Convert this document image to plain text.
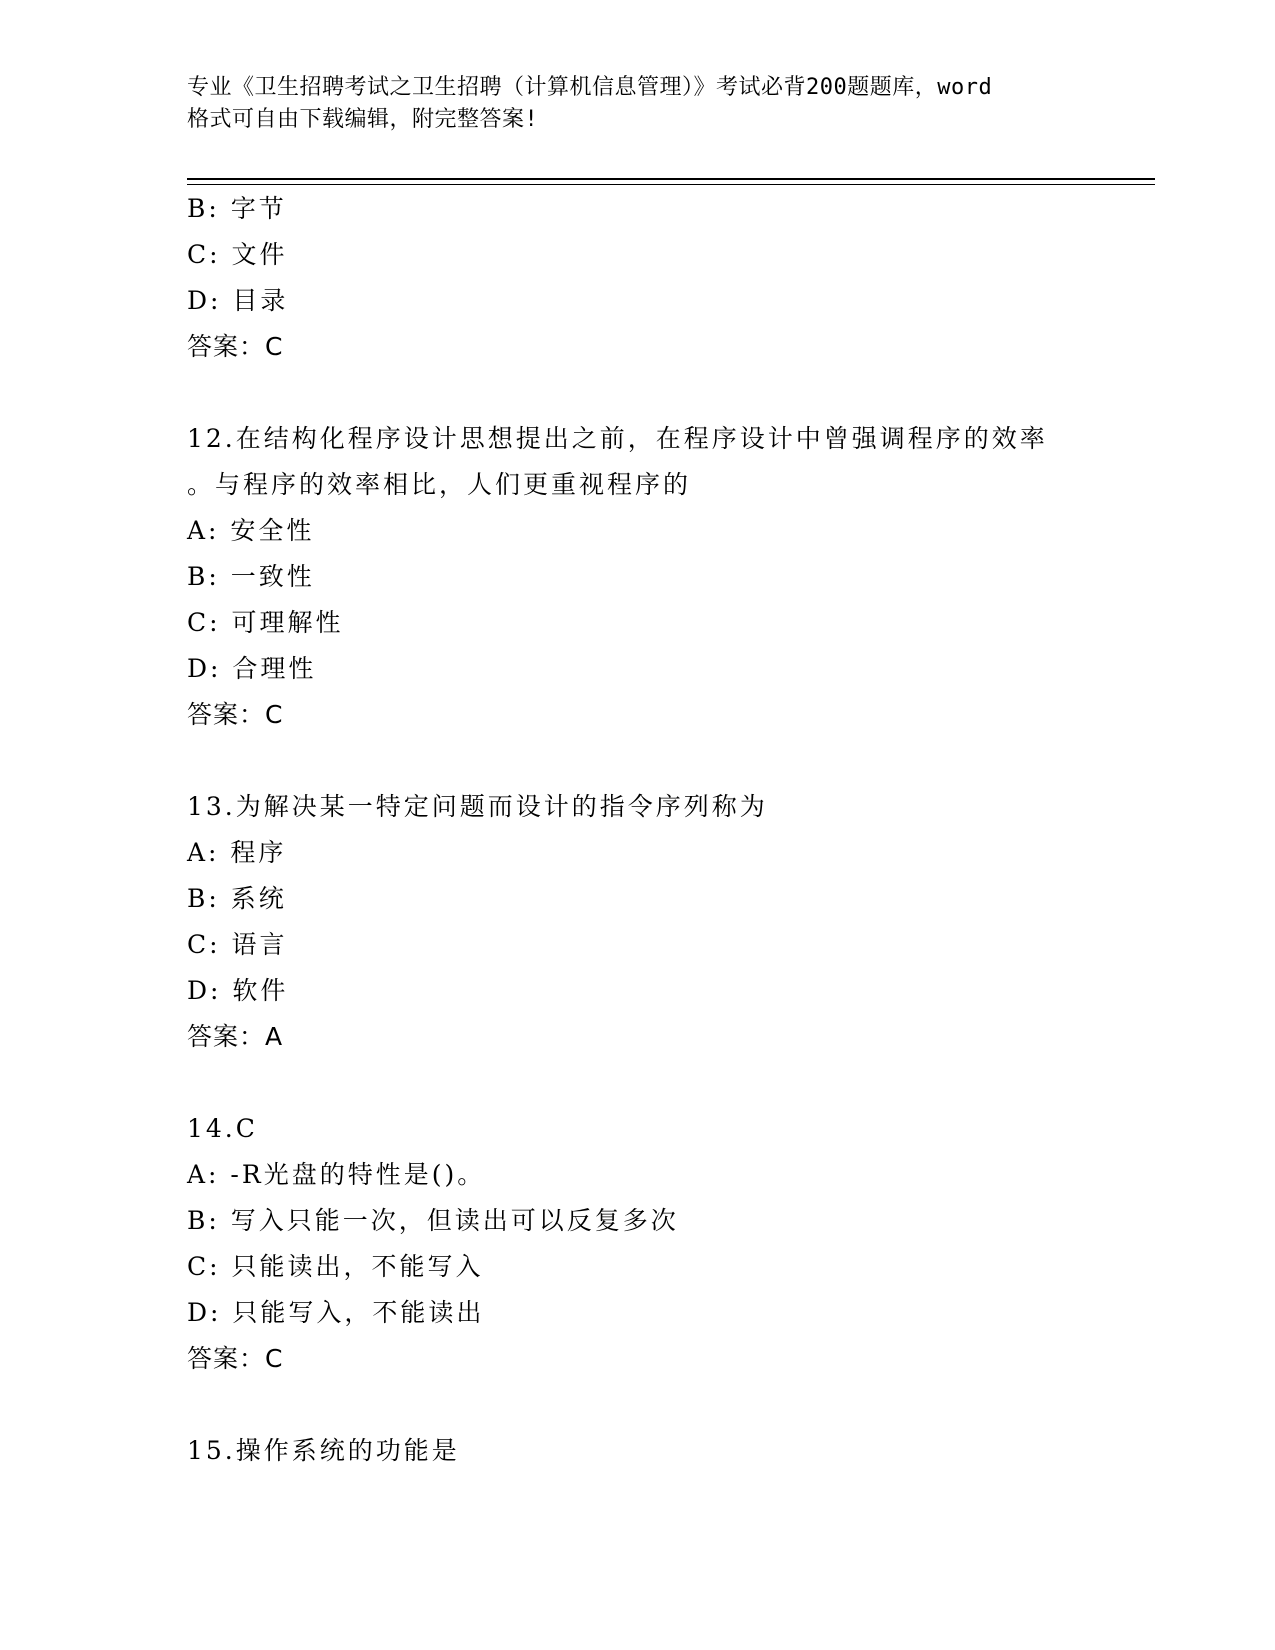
专业《卫生招聘考试之卫生招聘（计算机信息管理）》考试必背200题题库，word
格式可自由下载编辑，附完整答案!
B: 字节
C: 文件
D: 目录
答案：C
12.在结构化程序设计思想提出之前，在程序设计中曾强调程序的效率
。与程序的效率相比，人们更重视程序的
A: 安全性
B: 一致性
C: 可理解性
D: 合理性
答案：C
13.为解决某一特定问题而设计的指令序列称为
A: 程序
B: 系统
C: 语言
D: 软件
答案：A
14.C
A: -R光盘的特性是()。
B: 写入只能一次，但读出可以反复多次
C: 只能读出，不能写入
D: 只能写入，不能读出
答案：C
15.操作系统的功能是
